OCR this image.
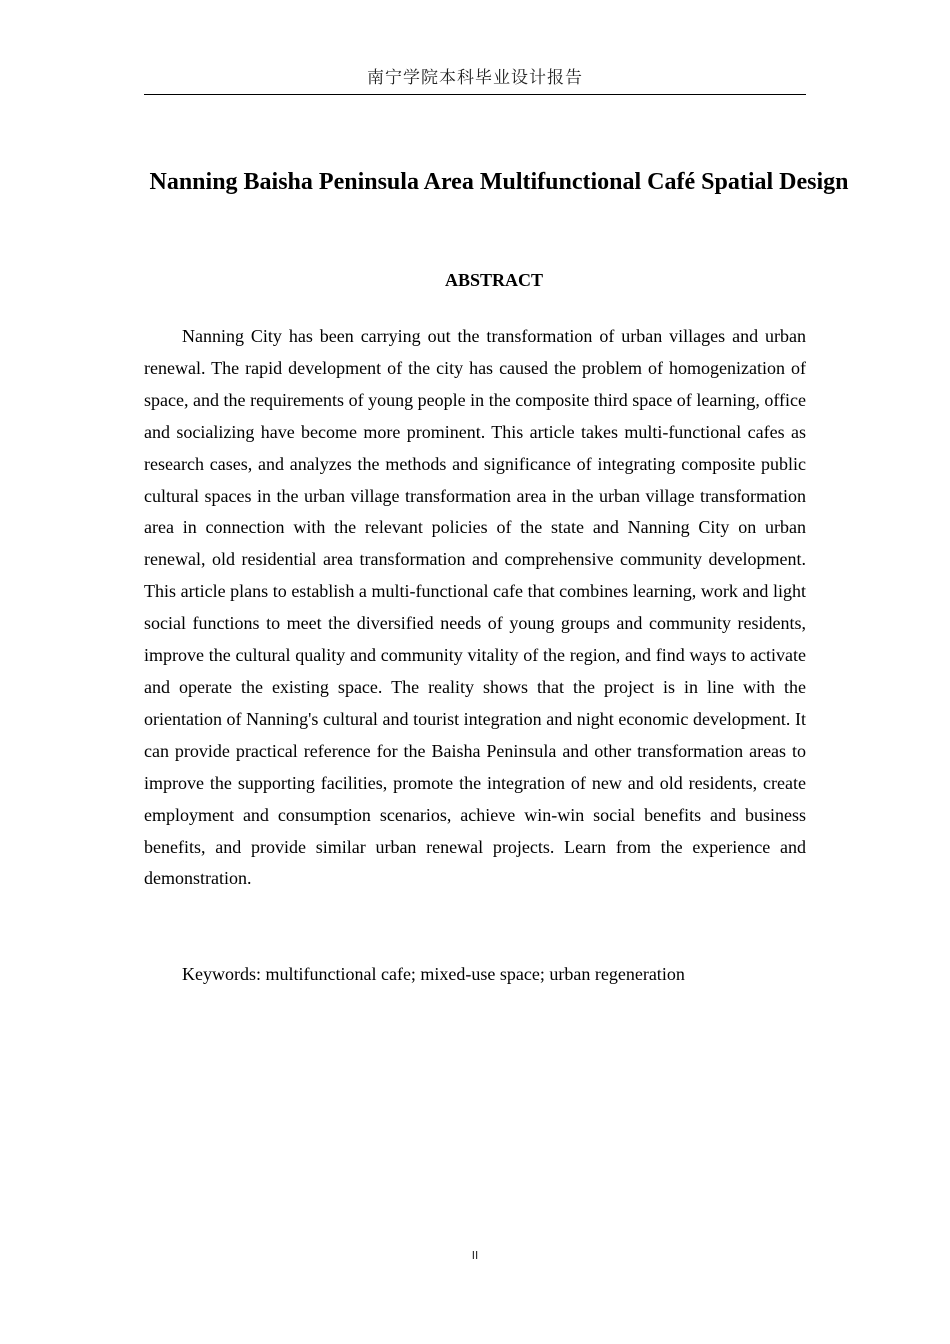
南宁学院本科毕业设计报告
Nanning Baisha Peninsula Area Multifunctional Café Spatial Design
ABSTRACT

Nanning City has been carrying out the transformation of urban villages and urban renewal. The rapid development of the city has caused the problem of homogenization of space, and the requirements of young people in the composite third space of learning, office and socializing have become more prominent. This article takes multi-functional cafes as research cases, and analyzes the methods and significance of integrating composite public cultural spaces in the urban village transformation area in the urban village transformation area in connection with the relevant policies of the state and Nanning City on urban renewal, old residential area transformation and comprehensive community development. This article plans to establish a multi-functional cafe that combines learning, work and light social functions to meet the diversified needs of young groups and community residents, improve the cultural quality and community vitality of the region, and find ways to activate and operate the existing space. The reality shows that the project is in line with the orientation of Nanning's cultural and tourist integration and night economic development. It can provide practical reference for the Baisha Peninsula and other transformation areas to improve the supporting facilities, promote the integration of new and old residents, create employment and consumption scenarios, achieve win-win social benefits and business benefits, and provide similar urban renewal projects. Learn from the experience and demonstration.

Keywords: multifunctional cafe; mixed-use space; urban regeneration

II
